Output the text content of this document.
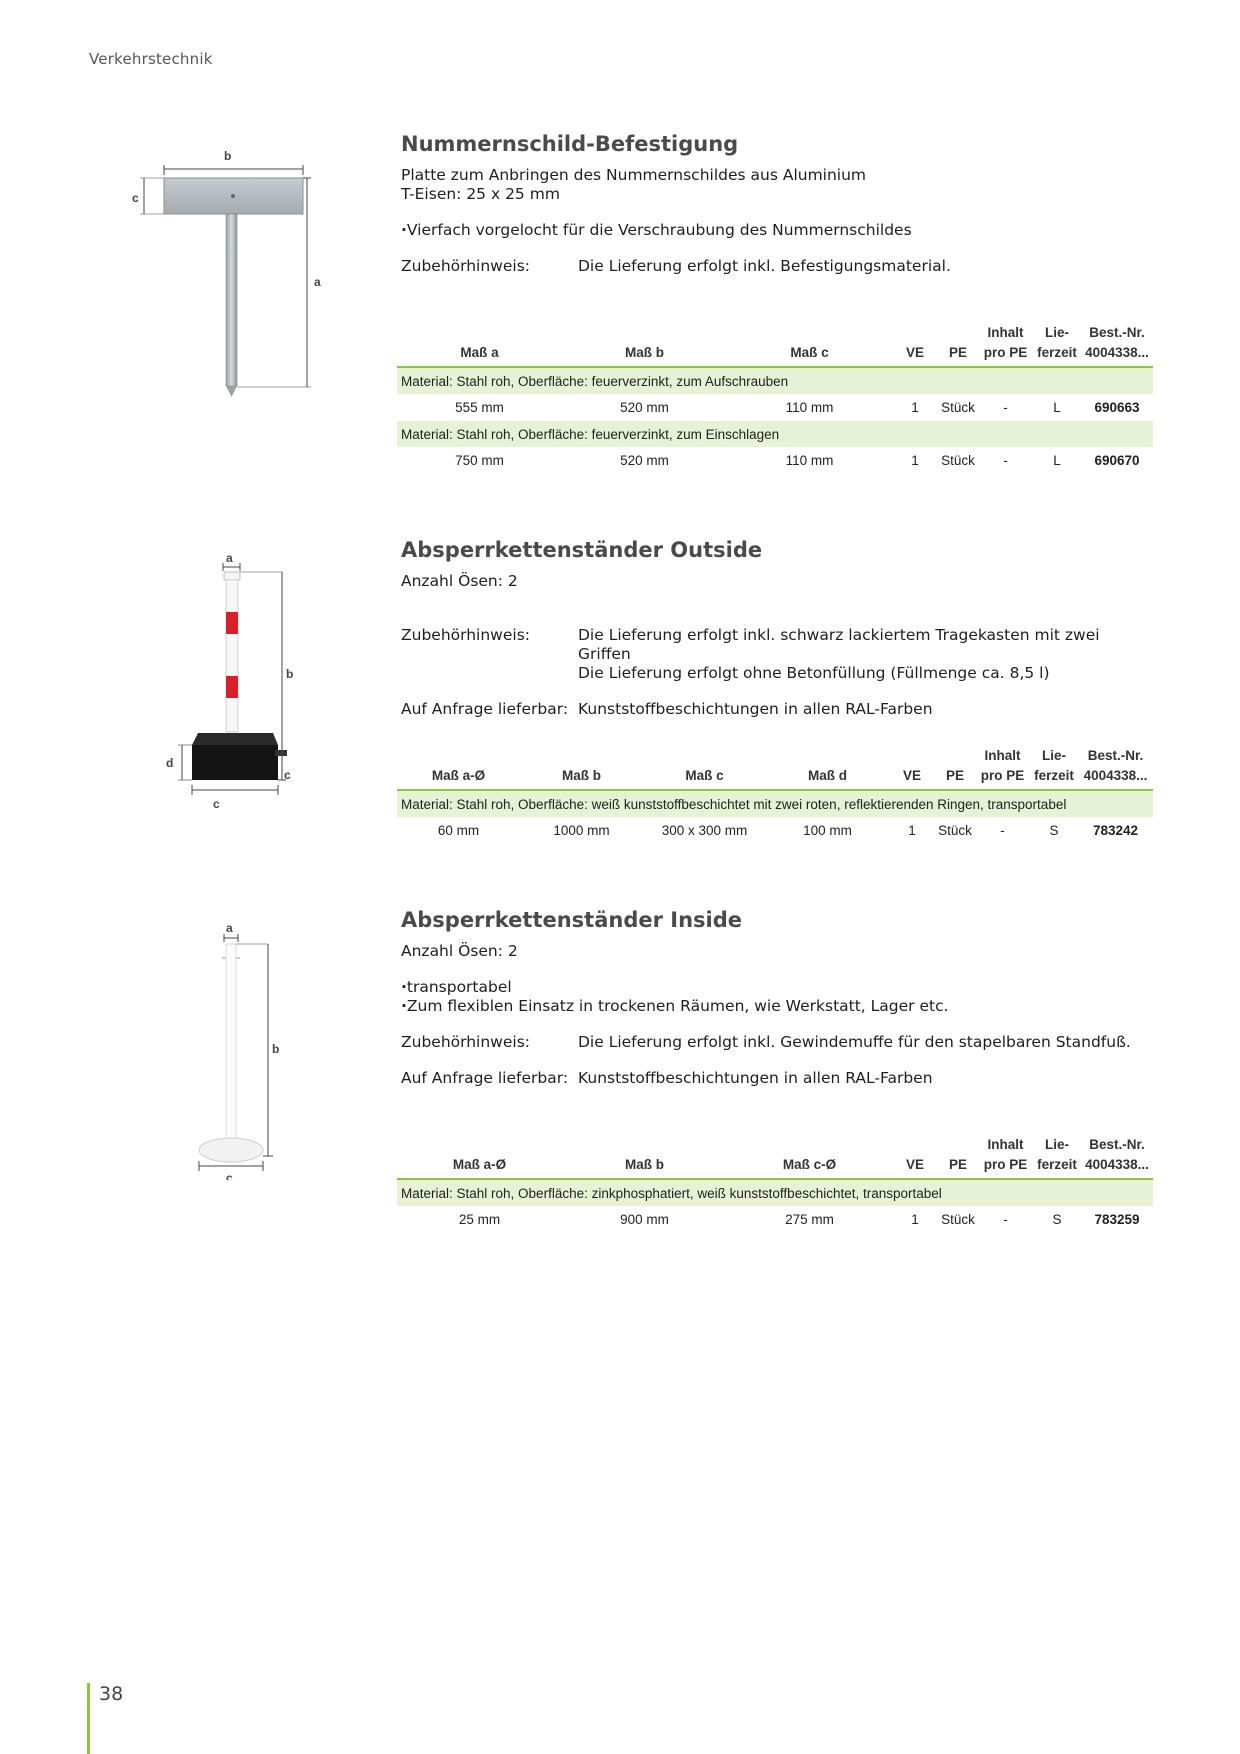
Verkehrstechnik
b
c
a
Nummernschild-Befestigung
Platte zum Anbringen des Nummernschildes aus Aluminium
T-Eisen: 25 x 25 mm
· Vierfach vorgelocht für die Verschraubung des Nummernschildes
Zubehörhinweis:	Die Lieferung erfolgt inkl. Befestigungsmaterial.
Maß a	Maß b	Maß c	VE	PE	Inhalt pro PE	Lie- ferzeit	Best.-Nr. 4004338...
Material: Stahl roh, Oberfläche: feuerverzinkt, zum Aufschrauben							
555 mm	520 mm	110 mm	1	Stück	-	L	690663
Material: Stahl roh, Oberfläche: feuerverzinkt, zum Einschlagen							
750 mm	520 mm	110 mm	1	Stück	-	L	690670
a
b
d
c
c
Absperrkettenständer Outside
Anzahl Ösen: 2
Zubehörhinweis:	Die Lieferung erfolgt inkl. schwarz lackiertem Tragekasten mit zwei Griffen
Die Lieferung erfolgt ohne Betonfüllung (Füllmenge ca. 8,5 l)
Auf Anfrage lieferbar: Kunststoffbeschichtungen in allen RAL-Farben
Maß a-Ø	Maß b	Maß c	Maß d	VE	PE	Inhalt pro PE	Lie- ferzeit	Best.-Nr. 4004338...
Material: Stahl roh, Oberfläche: weiß kunststoffbeschichtet mit zwei roten, reflektierenden Ringen, transportabel								
60 mm	1000 mm	300 x 300 mm	100 mm	1	Stück	-	S	783242
a
b
c
Absperrkettenständer Inside
Anzahl Ösen: 2
· transportabel
· Zum flexiblen Einsatz in trockenen Räumen, wie Werkstatt, Lager etc.
Zubehörhinweis:	Die Lieferung erfolgt inkl. Gewindemuffe für den stapelbaren Standfuß.
Auf Anfrage lieferbar: Kunststoffbeschichtungen in allen RAL-Farben
Maß a-Ø	Maß b	Maß c-Ø	VE	PE	Inhalt pro PE	Lie- ferzeit	Best.-Nr. 4004338...
Material: Stahl roh, Oberfläche: zinkphosphatiert, weiß kunststoffbeschichtet, transportabel							
25 mm	900 mm	275 mm	1	Stück	-	S	783259
38
